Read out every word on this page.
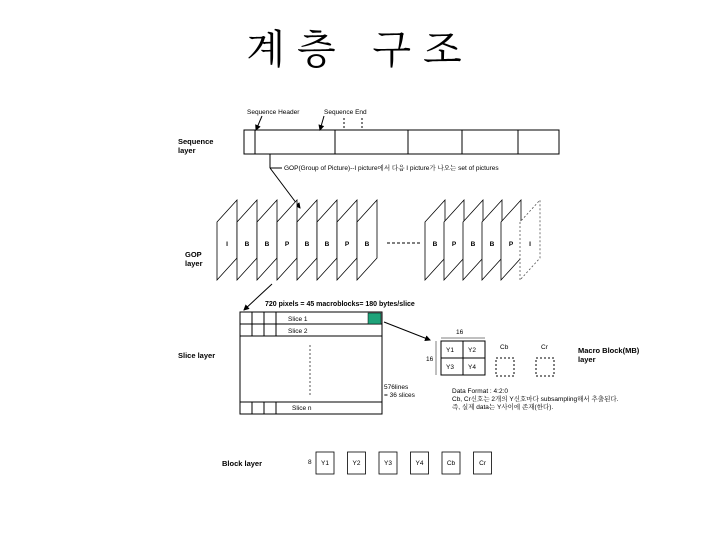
계층 구조
Sequence
layer
Sequence Header	Sequence End
GOP(Group of Picture)--I picture에서 다음 I picture가 나오는 set of pictures
GOP
layer
720 pixels = 45 macroblocks= 180 bytes/slice
Slice layer
576lines
= 36 slices
Macro Block(MB)
layer
Data Format : 4:2:0
Cb, Cr신호는 2개의 Y신호마다 subsampling해서 추출된다.
즉, 실제 data는 Y사이에 존재(한다).
Block layer
I	B B P B B P B	B P B B P I
Slice 1
Slice 2
Slice n
16
16
Y1 Y2
Y3 Y4
Cb	Cr
8 Y1	Y2	Y3	Y4	Cb	Cr
